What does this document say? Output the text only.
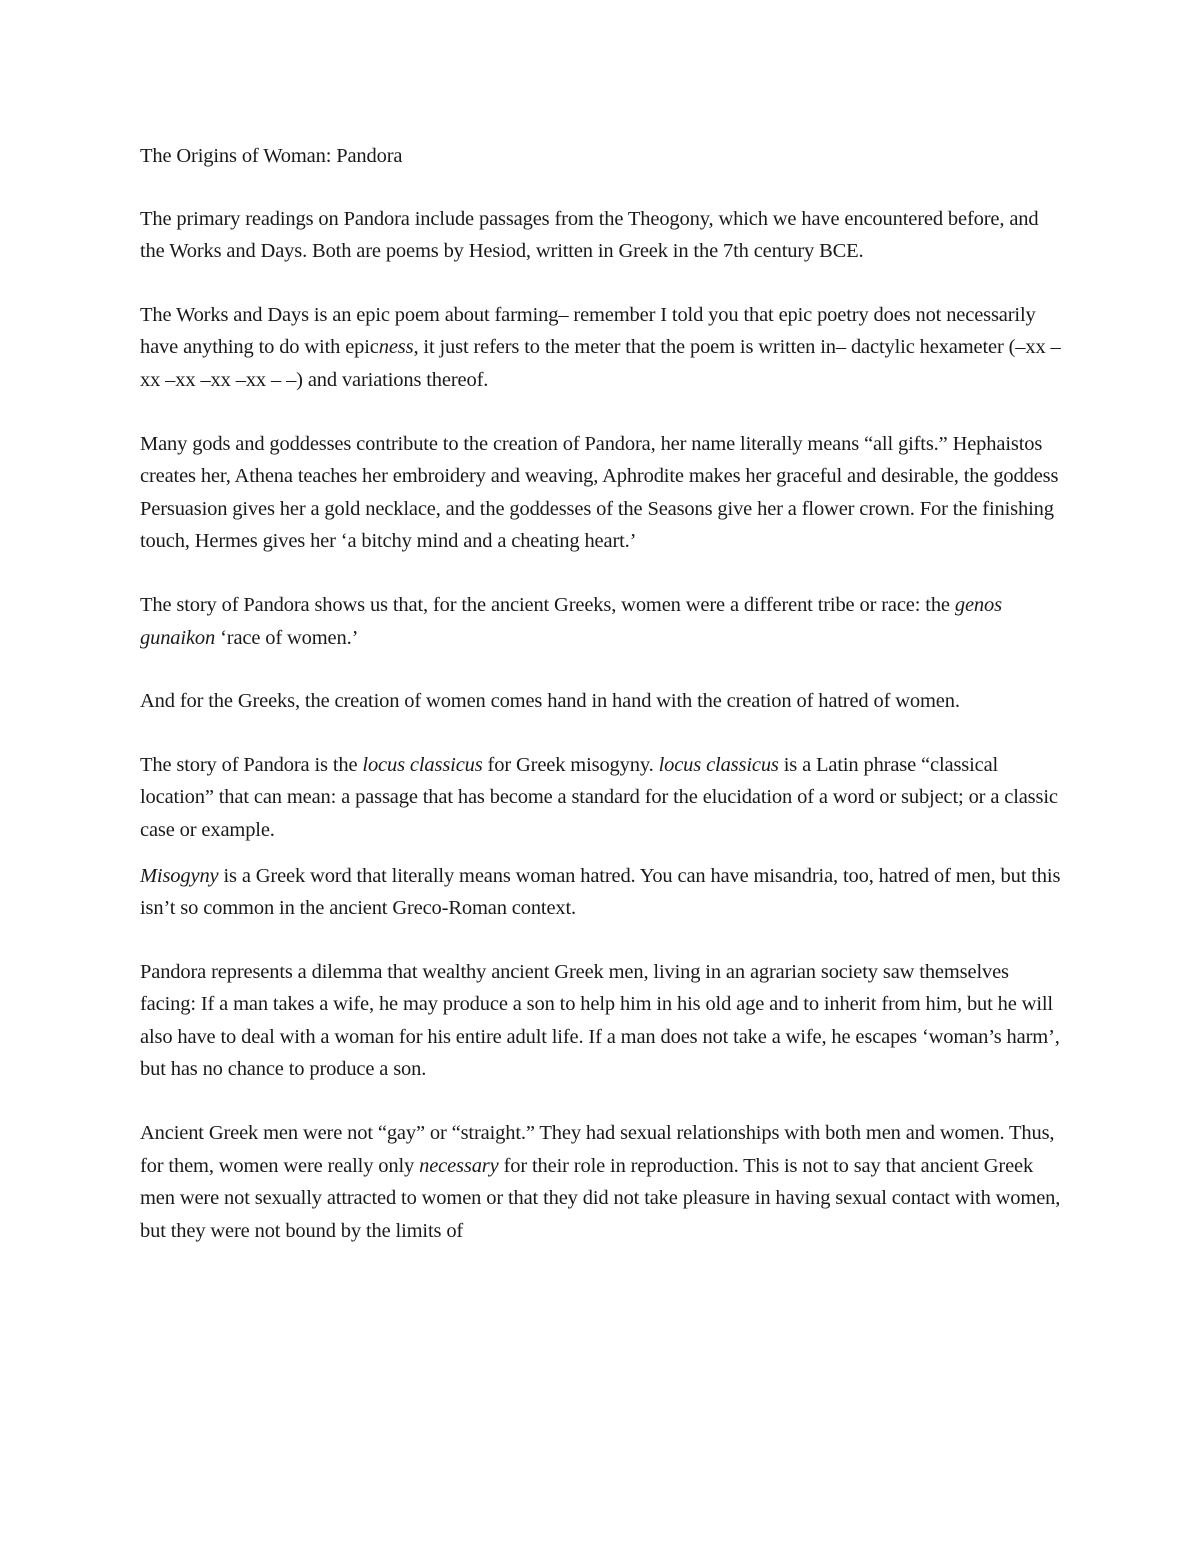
The Origins of Woman: Pandora

The primary readings on Pandora include passages from the Theogony, which we have encountered before, and the Works and Days. Both are poems by Hesiod, written in Greek in the 7th century BCE.

The Works and Days is an epic poem about farming– remember I told you that epic poetry does not necessarily have anything to do with epicness, it just refers to the meter that the poem is written in– dactylic hexameter (–xx –xx –xx –xx –xx – –) and variations thereof.

Many gods and goddesses contribute to the creation of Pandora, her name literally means “all gifts.” Hephaistos creates her, Athena teaches her embroidery and weaving, Aphrodite makes her graceful and desirable, the goddess Persuasion gives her a gold necklace, and the goddesses of the Seasons give her a flower crown. For the finishing touch, Hermes gives her ‘a bitchy mind and a cheating heart.’

The story of Pandora shows us that, for the ancient Greeks, women were a different tribe or race: the genos gunaikon ‘race of women.’

And for the Greeks, the creation of women comes hand in hand with the creation of hatred of women.

The story of Pandora is the locus classicus for Greek misogyny. locus classicus is a Latin phrase “classical location” that can mean: a passage that has become a standard for the elucidation of a word or subject; or a classic case or example.

Misogyny is a Greek word that literally means woman hatred. You can have misandria, too, hatred of men, but this isn’t so common in the ancient Greco-Roman context.

Pandora represents a dilemma that wealthy ancient Greek men, living in an agrarian society saw themselves facing: If a man takes a wife, he may produce a son to help him in his old age and to inherit from him, but he will also have to deal with a woman for his entire adult life. If a man does not take a wife, he escapes ‘woman’s harm’, but has no chance to produce a son.

Ancient Greek men were not “gay” or “straight.” They had sexual relationships with both men and women. Thus, for them, women were really only necessary for their role in reproduction. This is not to say that ancient Greek men were not sexually attracted to women or that they did not take pleasure in having sexual contact with women, but they were not bound by the limits of
